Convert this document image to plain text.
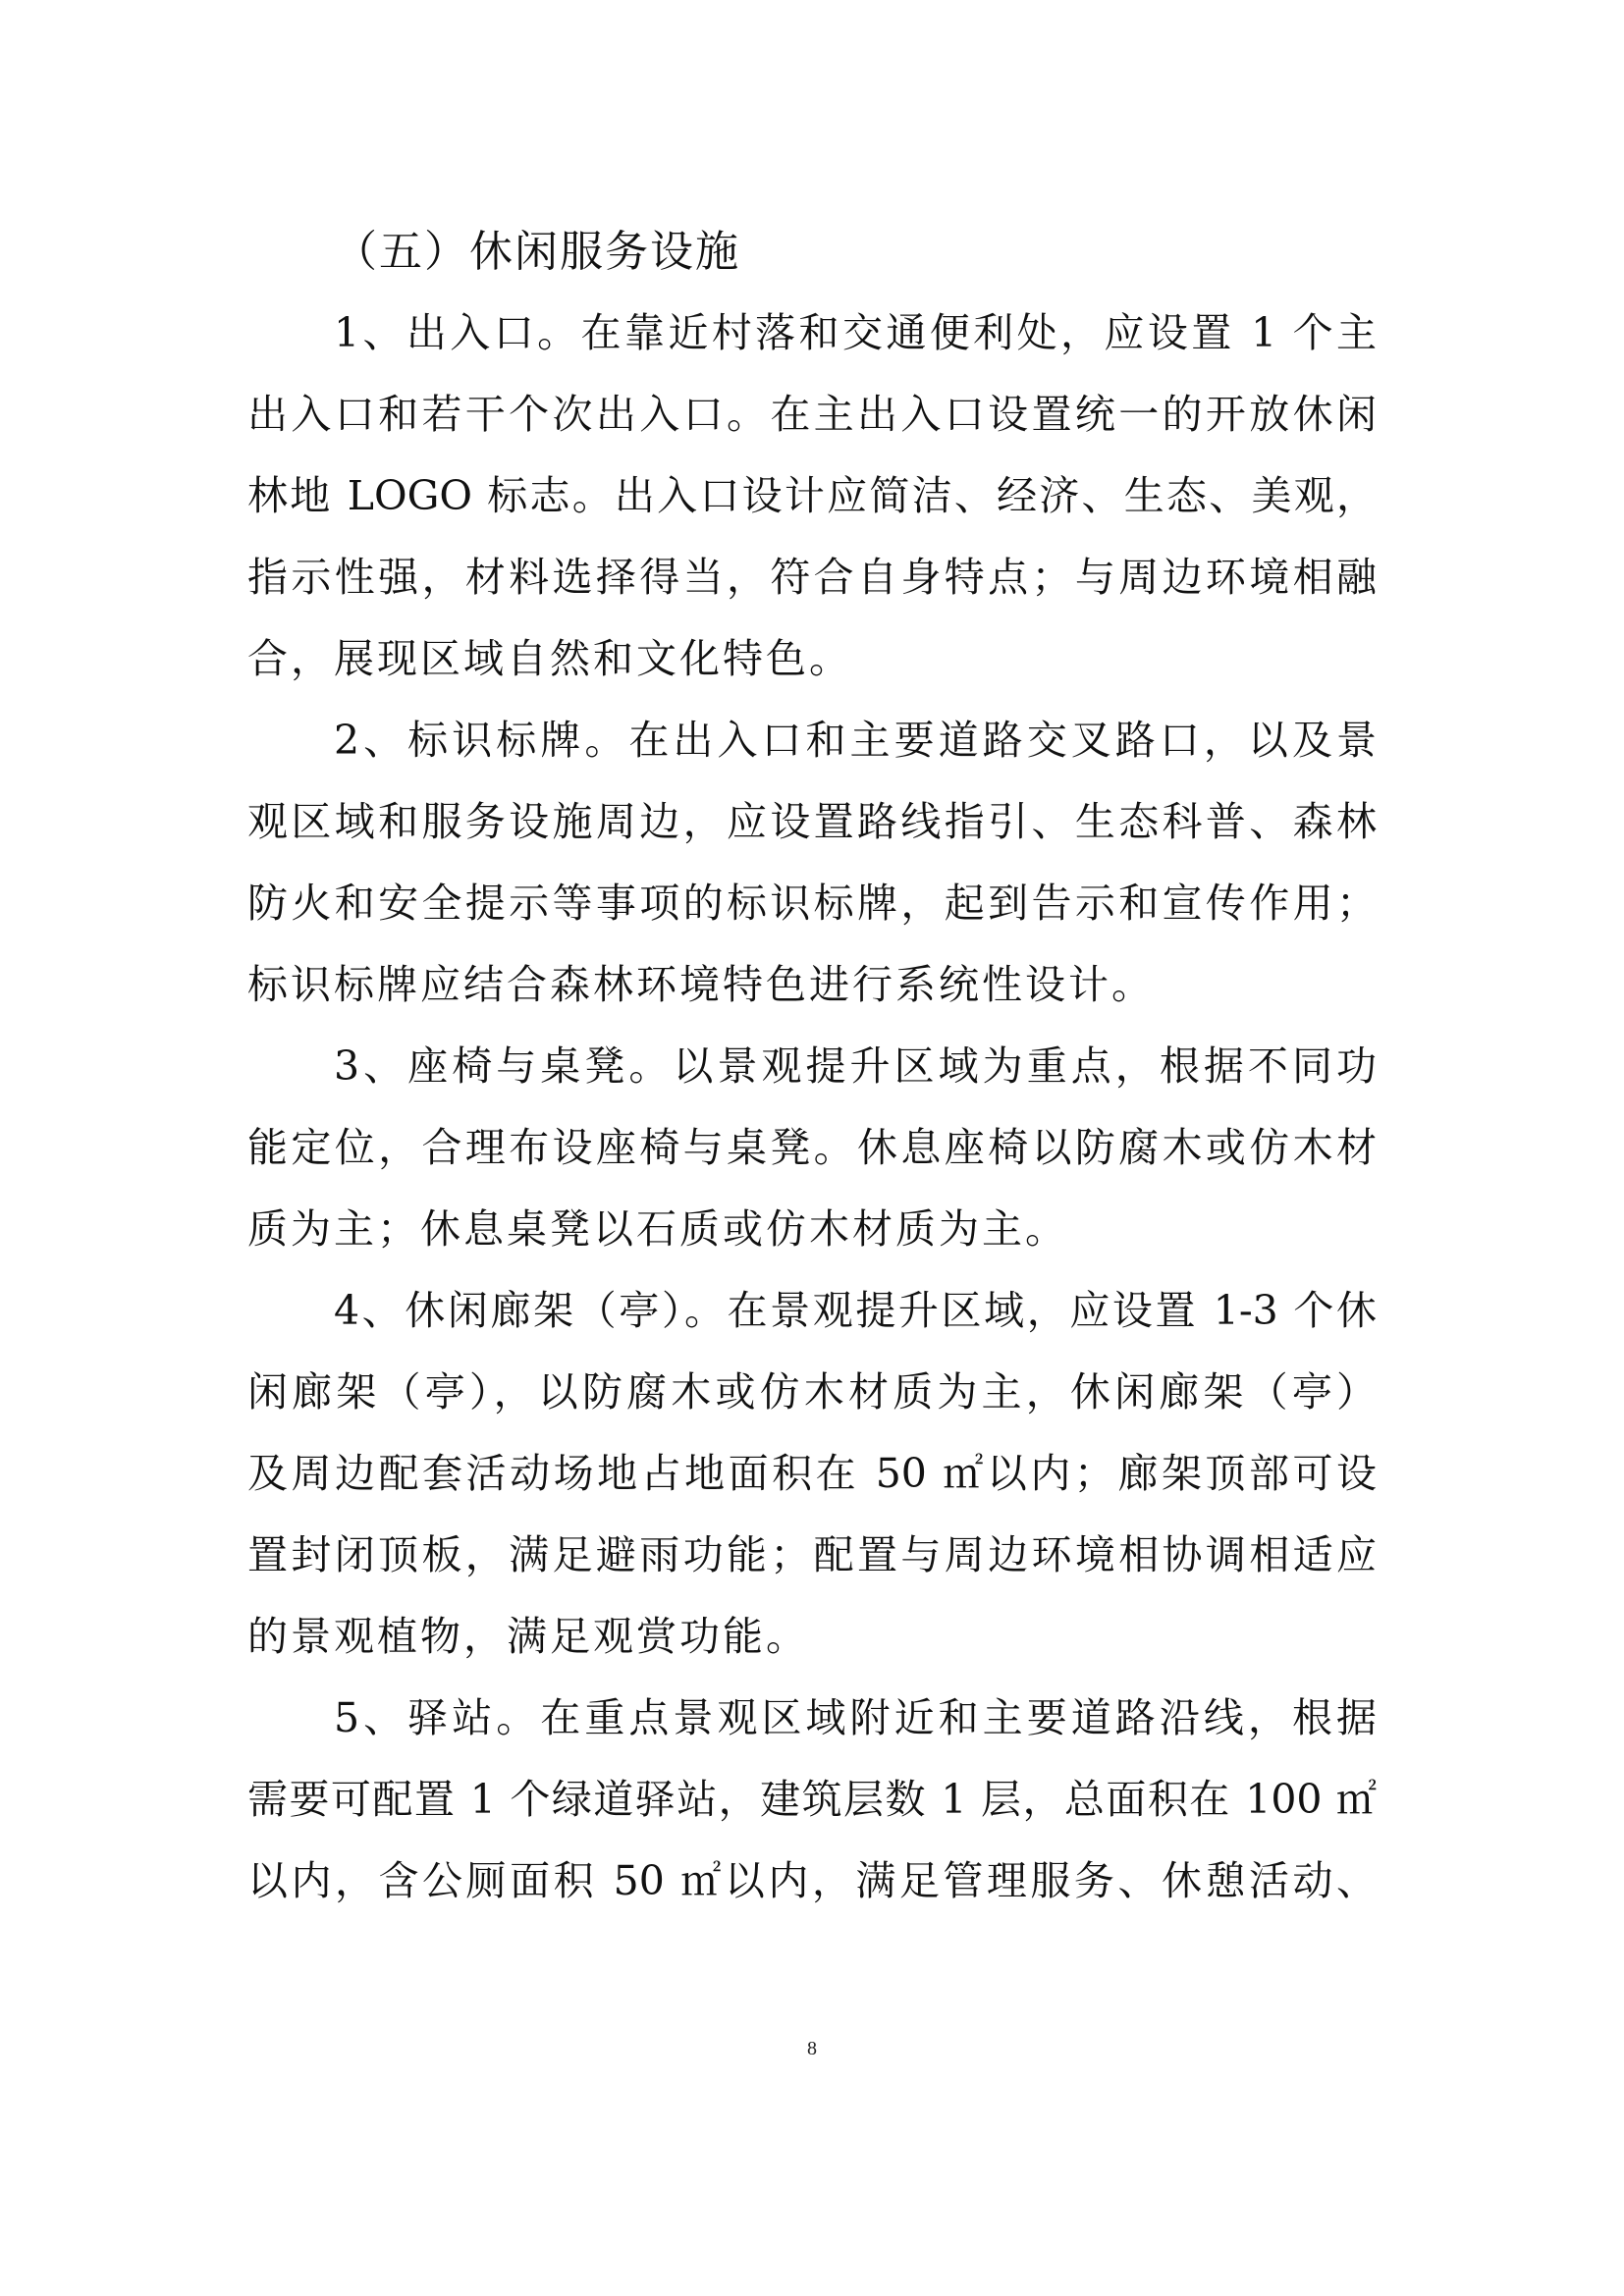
（五）休闲服务设施
1、出入口。在靠近村落和交通便利处，应设置 1 个主
出入口和若干个次出入口。在主出入口设置统一的开放休闲
林地 LOGO 标志。出入口设计应简洁、经济、生态、美观，
指示性强，材料选择得当，符合自身特点；与周边环境相融
合，展现区域自然和文化特色。
2、标识标牌。在出入口和主要道路交叉路口，以及景
观区域和服务设施周边，应设置路线指引、生态科普、森林
防火和安全提示等事项的标识标牌，起到告示和宣传作用；
标识标牌应结合森林环境特色进行系统性设计。
3、座椅与桌凳。以景观提升区域为重点，根据不同功
能定位，合理布设座椅与桌凳。休息座椅以防腐木或仿木材
质为主；休息桌凳以石质或仿木材质为主。
4、休闲廊架（亭）。在景观提升区域，应设置 1-3 个休
闲廊架（亭），以防腐木或仿木材质为主，休闲廊架（亭）
及周边配套活动场地占地面积在 50 ㎡以内；廊架顶部可设
置封闭顶板，满足避雨功能；配置与周边环境相协调相适应
的景观植物，满足观赏功能。
5、驿站。在重点景观区域附近和主要道路沿线，根据
需要可配置 1 个绿道驿站，建筑层数 1 层，总面积在 100 ㎡
以内，含公厕面积 50 ㎡以内，满足管理服务、休憩活动、
8
